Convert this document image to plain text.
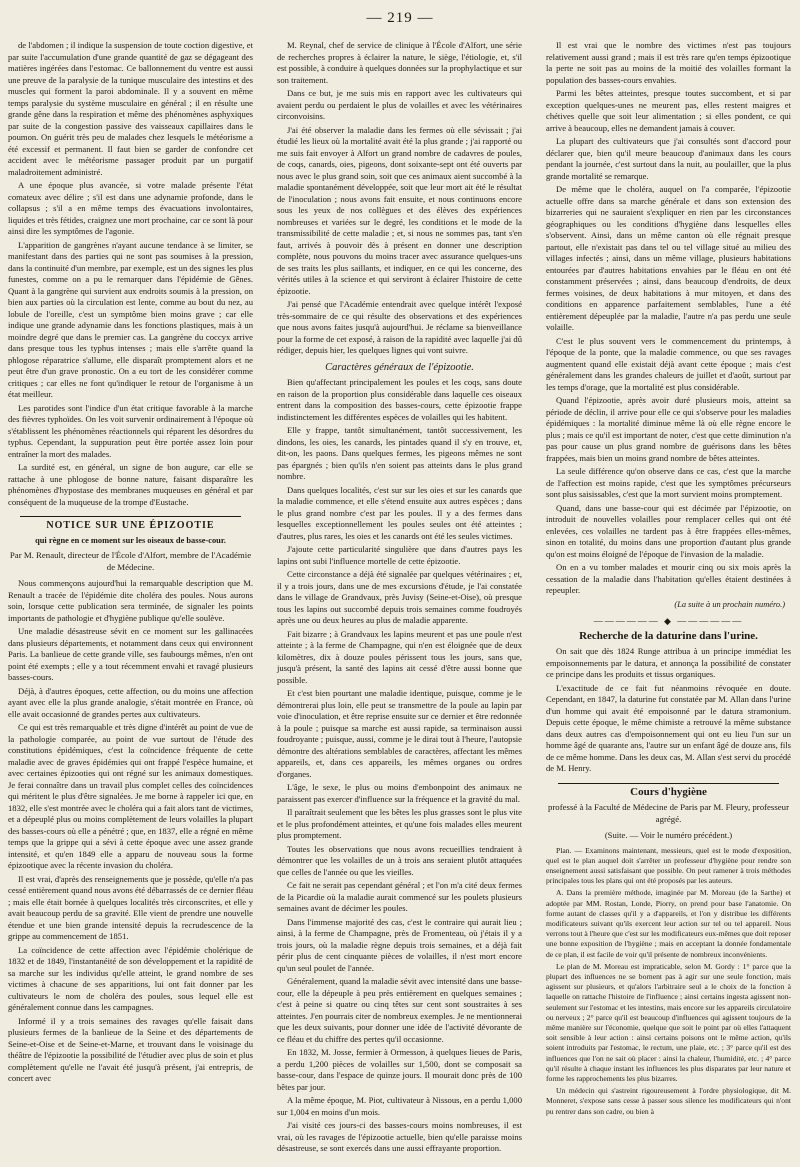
— 219 —

de l'abdomen ; il indique la suspension de toute coction digestive, et par suite l'accumulation d'une grande quantité de gaz se dégageant des matières ingérées dans l'estomac. Ce ballonnement du ventre est aussi une preuve de la paralysie de la tunique musculaire des intestins et des muscles qui forment la paroi abdominale. Il y a souvent en même temps paralysie du système musculaire en général ; il en résulte une grande gêne dans la respiration et même des phénomènes asphyxiques par suite de la congestion passive des vaisseaux capillaires dans le poumon. On guérit très peu de malades chez lesquels le météorisme a été excessif et permanent. Il faut bien se garder de confondre cet accident avec le météorisme passager produit par un purgatif maladroitement administré.

A une époque plus avancée, si votre malade présente l'état comateux avec délire ; s'il est dans une adynamie profonde, dans le collapsus ; s'il a en même temps des évacuations involontaires, liquides et très fétides, craignez une mort prochaine, car ce sont là pour ainsi dire les symptômes de l'agonie.

L'apparition de gangrènes n'ayant aucune tendance à se limiter, se manifestant dans des parties qui ne sont pas soumises à la pression, dans la continuité d'un membre, par exemple, est un des signes les plus funestes, comme on a pu le remarquer dans l'épidémie de Gênes. Quant à la gangrène qui survient aux endroits soumis à la pression, on bien aux parties où la circulation est lente, comme au bout du nez, au lobule de l'oreille, c'est un symptôme bien moins grave ; car elle indique une grande adynamie dans les fonctions plastiques, mais à un moindre degré que dans le premier cas. La gangrène du coccyx arrive dans presque tous les typhus intenses ; mais elle s'arrête quand la phlogose réparatrice s'allume, elle disparaît promptement alors et ne peut être d'un grave pronostic. On a eu tort de les considérer comme critiques ; car elles ne font qu'indiquer le retour de l'organisme à un état meilleur.

Les parotides sont l'indice d'un état critique favorable à la marche des fièvres typhoïdes. On les voit survenir ordinairement à l'époque où s'établissent les phénomènes réactionnels qui réparent les désordres du typhus. Cependant, la suppuration peut être portée assez loin pour entraîner la mort des malades.

La surdité est, en général, un signe de bon augure, car elle se rattache à une phlogose de bonne nature, faisant disparaître les phénomènes d'hypostase des membranes muqueuses en général et par conséquent de la muqueuse de la trompe d'Eustache.

NOTICE SUR UNE ÉPIZOOTIE
qui règne en ce moment sur les oiseaux de basse-cour.
Par M. Renault, directeur de l'École d'Alfort, membre de l'Académie de Médecine.

Nous commençons aujourd'hui la remarquable description que M. Renault a tracée de l'épidémie dite choléra des poules. Nous aurons soin, lorsque cette publication sera terminée, de signaler les points importants de pathologie et d'hygiène publique qu'elle soulève.

Une maladie désastreuse sévit en ce moment sur les gallinacées dans plusieurs départements, et notamment dans ceux qui environnent Paris. La banlieue de cette grande ville, ses faubourgs mêmes, n'en ont point été exempts ; elle y a tout récemment envahi et ravagé plusieurs basses-cours.

Déjà, à d'autres époques, cette affection, ou du moins une affection ayant avec elle la plus grande analogie, s'était montrée en France, où elle avait occasionné de grandes pertes aux cultivateurs.

Ce qui est très remarquable et très digne d'intérêt au point de vue de la pathologie comparée, au point de vue surtout de l'étude des constitutions épidémiques, c'est la coïncidence fréquente de cette maladie avec de graves épidémies qui ont frappé l'espèce humaine, et avec certaines épizooties qui ont régné sur les animaux domestiques. Je ferai connaître dans un travail plus complet celles des coïncidences qui méritent le plus d'être signalées. Je me borne à rappeler ici que, en 1832, elle s'est montrée avec le choléra qui a fait alors tant de victimes, et a dépeuplé plus ou moins complètement de leurs volailles la plupart des basses-cours où elle a pénétré ; que, en 1837, elle a régné en même temps que la grippe qui a sévi à cette époque avec une assez grande intensité, et qu'en 1849 elle a apparu de nouveau sous la forme épizootique avec la récente invasion du choléra.

Il est vrai, d'après des renseignements que je possède, qu'elle n'a pas cessé entièrement quand nous avons été débarrassés de ce dernier fléau ; mais elle était bornée à quelques localités très circonscrites, et elle y avait beaucoup perdu de sa gravité. Elle vient de prendre une nouvelle étendue et une bien grande intensité depuis la recrudescence de la grippe au commencement de 1851.

La coïncidence de cette affection avec l'épidémie cholérique de 1832 et de 1849, l'instantanéité de son développement et la rapidité de sa marche sur les individus qu'elle atteint, le grand nombre de ses victimes à chacune de ses apparitions, lui ont fait donner par les cultivateurs le nom de choléra des poules, sous lequel elle est généralement connue dans les campagnes.

Informé il y a trois semaines des ravages qu'elle faisait dans plusieurs fermes de la banlieue de la Seine et des départements de Seine-et-Oise et de Seine-et-Marne, et trouvant dans le voisinage du théâtre de l'épizootie la possibilité de l'étudier avec plus de soin et plus complètement qu'elle ne l'avait été jusqu'à présent, j'ai entrepris, de concert avec

M. Reynal, chef de service de clinique à l'École d'Alfort, une série de recherches propres à éclairer la nature, le siège, l'étiologie, et, s'il est possible, à conduire à quelques données sur la prophylactique et sur son traitement.

Dans ce but, je me suis mis en rapport avec les cultivateurs qui avaient perdu ou perdaient le plus de volailles et avec les vétérinaires circonvoisins.

J'ai été observer la maladie dans les fermes où elle sévissait ; j'ai étudié les lieux où la mortalité avait été la plus grande ; j'ai rapporté ou me suis fait envoyer à Alfort un grand nombre de cadavres de poules, de coqs, canards, oies, pigeons, dont soixante-sept ont été ouverts par nous avec le plus grand soin, soit que ces animaux aient succombé à la maladie spontanément développée, soit que leur mort ait été le résultat de l'inoculation ; nous avons fait ensuite, et nous continuons encore sous les yeux de nos collègues et des élèves des expériences nombreuses et variées sur le degré, les conditions et le mode de la transmissibilité de cette maladie ; et, si nous ne sommes pas, tant s'en faut, arrivés à pouvoir dès à présent en donner une description complète, nous pouvons du moins tracer avec assurance quelques-uns de ses traits les plus saillants, et indiquer, en ce qui les concerne, des vérités utiles à la science et qui serviront à éclairer l'histoire de cette épizootie.

J'ai pensé que l'Académie entendrait avec quelque intérêt l'exposé très-sommaire de ce qui résulte des observations et des expériences que nous avons faites jusqu'à aujourd'hui. Je réclame sa bienveillance pour la forme de cet exposé, à raison de la rapidité avec laquelle j'ai dû rédiger, depuis hier, les quelques lignes qui vont suivre.

Caractères généraux de l'épizootie.

Bien qu'affectant principalement les poules et les coqs, sans doute en raison de la proportion plus considérable dans laquelle ces oiseaux entrent dans la composition des basses-cours, cette épizootie frappe indistinctement les différentes espèces de volailles qui les habitent.

Elle y frappe, tantôt simultanément, tantôt successivement, les dindons, les oies, les canards, les pintades quand il s'y en trouve, et, dit-on, les paons. Dans quelques fermes, les pigeons mêmes ne sont pas épargnés ; bien qu'ils n'en soient pas atteints dans le plus grand nombre.

Dans quelques localités, c'est sur sur les oies et sur les canards que la maladie commence, et elle s'étend ensuite aux autres espèces ; dans le plus grand nombre c'est par les poules. Il y a des fermes dans lesquelles exceptionnellement les poules seules ont été atteintes ; d'autres, plus rares, les oies et les canards ont été les seules victimes.

J'ajoute cette particularité singulière que dans d'autres pays les lapins ont subi l'influence mortelle de cette épizootie.

Cette circonstance a déjà été signalée par quelques vétérinaires ; et, il y a trois jours, dans une de mes excursions d'étude, je l'ai constatée dans le village de Grandvaux, près Juvisy (Seine-et-Oise), où presque tous les lapins out succombé depuis trois semaines comme foudroyés après une ou deux heures au plus de maladie apparente.

Fait bizarre ; à Grandvaux les lapins meurent et pas une poule n'est atteinte ; à la ferme de Champagne, qui n'en est éloignée que de deux kilomètres, dix à douze poules périssent tous les jours, sans que, jusqu'à présent, la santé des lapins ait cessé d'être aussi bonne que possible.

Et c'est bien pourtant une maladie identique, puisque, comme je le démontrerai plus loin, elle peut se transmettre de la poule au lapin par voie d'inoculation, et être reprise ensuite sur ce dernier et être redonnée à la poule ; puisque sa marche est aussi rapide, sa terminaison aussi foudroyante ; puisque, aussi, comme je le dirai tout à l'heure, l'autopsie démontre des altérations semblables de caractères, affectant les mêmes appareils, et, dans ces appareils, les mêmes organes ou ordres d'organes.

L'âge, le sexe, le plus ou moins d'embonpoint des animaux ne paraissent pas exercer d'influence sur la fréquence et la gravité du mal.

Il paraîtrait seulement que les bêtes les plus grasses sont le plus vite et le plus profondément atteintes, et qu'une fois malades elles meurent plus promptement.

Toutes les observations que nous avons recueillies tendraient à démontrer que les volailles de un à trois ans seraient plutôt attaquées que celles de l'année ou que les vieilles.

Ce fait ne serait pas cependant général ; et l'on m'a cité deux fermes de la Picardie où la maladie aurait commencé sur les poulets plusieurs semaines avant de décimer les poules.

Dans l'immense majorité des cas, c'est le contraire qui aurait lieu ; ainsi, à la ferme de Champagne, près de Fromenteau, où j'étais il y a trois jours, où la maladie règne depuis trois semaines, et a déjà fait périr plus de cent cinquante pièces de volailles, il n'est mort encore qu'un seul poulet de l'année.

Généralement, quand la maladie sévit avec intensité dans une basse-cour, elle la dépeuple à peu près entièrement en quelques semaines ; c'est à peine si quatre ou cinq têtes sur cent sont soustraites à ses atteintes. J'en pourrais citer de nombreux exemples. Je ne mentionnerai que les deux suivants, pour donner une idée de l'activité dévorante de ce fléau et du chiffre des pertes qu'il occasionne.

En 1832, M. Josse, fermier à Ormesson, à quelques lieues de Paris, a perdu 1,200 pièces de volailles sur 1,500, dont se composait sa basse-cour, dans l'espace de quinze jours. Il mourait donc près de 100 bêtes par jour.

A la même époque, M. Piot, cultivateur à Nissous, en a perdu 1,000 sur 1,004 en moins d'un mois.

J'ai visité ces jours-ci des basses-cours moins nombreuses, il est vrai, où les ravages de l'épizootie actuelle, bien qu'elle paraisse moins désastreuse, se sont exercés dans une aussi effrayante proportion.

Il est vrai que le nombre des victimes n'est pas toujours relativement aussi grand ; mais il est très rare qu'en temps épizootique la perte ne soit pas au moins de la moitié des volailles formant la population des basses-cours envahies.

Parmi les bêtes atteintes, presque toutes succombent, et si par exception quelques-unes ne meurent pas, elles restent maigres et chétives quelle que soit leur alimentation ; si elles pondent, ce qui arrive à beaucoup, elles ne demandent jamais à couver.

La plupart des cultivateurs que j'ai consultés sont d'accord pour déclarer que, bien qu'il meure beaucoup d'animaux dans les cours pendant la journée, c'est surtout dans la nuit, au poulailler, que la plus grande mortalité se remarque.

De même que le choléra, auquel on l'a comparée, l'épizootie actuelle offre dans sa marche générale et dans son extension des bizarreries qui ne sauraient s'expliquer en rien par les circonstances géographiques ou les conditions d'hygiène dans lesquelles elles s'observent. Ainsi, dans un même canton où elle régnait presque partout, elle n'existait pas dans tel ou tel village situé au milieu des villages infectés ; ainsi, dans un même village, plusieurs habitations entourées par d'autres habitations envahies par le fléau en ont été constamment préservées ; ainsi, dans beaucoup d'endroits, de deux fermes voisines, de deux habitations à mur mitoyen, et dans des conditions en apparence parfaitement semblables, l'une a été entièrement dépeuplée par la maladie, l'autre n'a pas perdu une seule volaille.

C'est le plus souvent vers le commencement du printemps, à l'époque de la ponte, que la maladie commence, ou que ses ravages augmentent quand elle existait déjà avant cette époque ; mais c'est généralement dans les grandes chaleurs de juillet et d'août, surtout par les temps d'orage, que la mortalité est plus considérable.

Quand l'épizootie, après avoir duré plusieurs mois, atteint sa période de déclin, il arrive pour elle ce qui s'observe pour les maladies épidémiques : la mortalité diminue même là où elle règne encore le plus ; mais ce qu'il est important de noter, c'est que cette diminution n'a pas pour cause un plus grand nombre de guérisons dans les bêtes frappées, mais bien un moins grand nombre de bêtes atteintes.

La seule différence qu'on observe dans ce cas, c'est que la marche de l'affection est moins rapide, c'est que les symptômes précurseurs sont plus saisissables, c'est que la mort survient moins promptement.

Quand, dans une basse-cour qui est décimée par l'épizootie, on introduit de nouvelles volailles pour remplacer celles qui ont été enlevées, ces volailles ne tardent pas à être frappées elles-mêmes, sinon en totalité, du moins dans une proportion d'autant plus grande qu'on est moins éloigné de l'époque de l'invasion de la maladie.

On en a vu tomber malades et mourir cinq ou six mois après la cessation de la maladie dans l'habitation qu'elles étaient destinées à repeupler.

(La suite à un prochain numéro.)
—————— ◆ ——————
Recherche de la daturine dans l'urine.

On sait que dès 1824 Runge attribua à un principe immédiat les empoisonnements par le datura, et annonça la possibilité de constater ce principe dans les produits et tissus organiques.

L'exactitude de ce fait fut néanmoins révoquée en doute. Cependant, en 1847, la daturine fut constatée par M. Allan dans l'urine d'un homme qui avait été empoisonné par le datura stramonium. Depuis cette époque, le même chimiste a retrouvé la même substance dans deux autres cas d'empoisonnement qui ont eu lieu l'un sur un homme âgé de quarante ans, l'autre sur un enfant âgé de douze ans, fils de ce même homme. Dans les deux cas, M. Allan s'est servi du procédé de M. Henry.

Cours d'hygiène
professé à la Faculté de Médecine de Paris par M. Fleury, professeur agrégé.
(Suite. — Voir le numéro précédent.)

Plan. — Examinons maintenant, messieurs, quel est le mode d'exposition, quel est le plan auquel doit s'arrêter un professeur d'hygiène pour rendre son enseignement aussi satisfaisant que possible. On peut ramener à trois méthodes principales tous les plans qui ont été proposés par les auteurs.

A. Dans la première méthode, imaginée par M. Moreau (de la Sarthe) et adoptée par MM. Rostan, Londe, Piorry, on prend pour base l'anatomie. On forme autant de classes qu'il y a d'appareils, et l'on y distribue les différents modificateurs suivant qu'ils exercent leur action sur tel ou tel appareil. Nous verrons tout à l'heure que c'est sur les modificateurs eux-mêmes que doit reposer une bonne exposition de l'hygiène ; mais en acceptant la donnée fondamentale de ce plan, il est facile de voir qu'il présente de nombreux inconvénients.

Le plan de M. Moreau est impraticable, selon M. Gordy : 1° parce que la plupart des influences ne se bornent pas à agir sur une seule fonction, mais agissent sur plusieurs, et qu'alors l'arbitraire seul a le choix de la fonction à laquelle on rattache l'histoire de l'influence ; ainsi certains ingesta agissent non-seulement sur l'estomac et les intestins, mais encore sur les appareils circulatoire ou nerveux ; 2° parce qu'il est beaucoup d'influences qui agissent toujours de la même manière sur l'économie, quelque que soit le point par où elles l'attaquent soit sensible à leur action : ainsi certains poisons ont le même action, qu'ils soient introduits par l'estomac, le rectum, une plaie, etc. ; 3° parce qu'il est des influences que l'on ne sait où placer : ainsi la chaleur, l'humidité, etc. ; 4° parce qu'il résulte à chaque instant les influences les plus disparates par leur nature et forme les rapprochements les plus bizarres.

Un médecin qui s'astreint rigoureusement à l'ordre physiologique, dit M. Monneret, s'expose sans cesse à passer sous silence les modificateurs qui n'ont pu rentrer dans son cadre, ou bien à
